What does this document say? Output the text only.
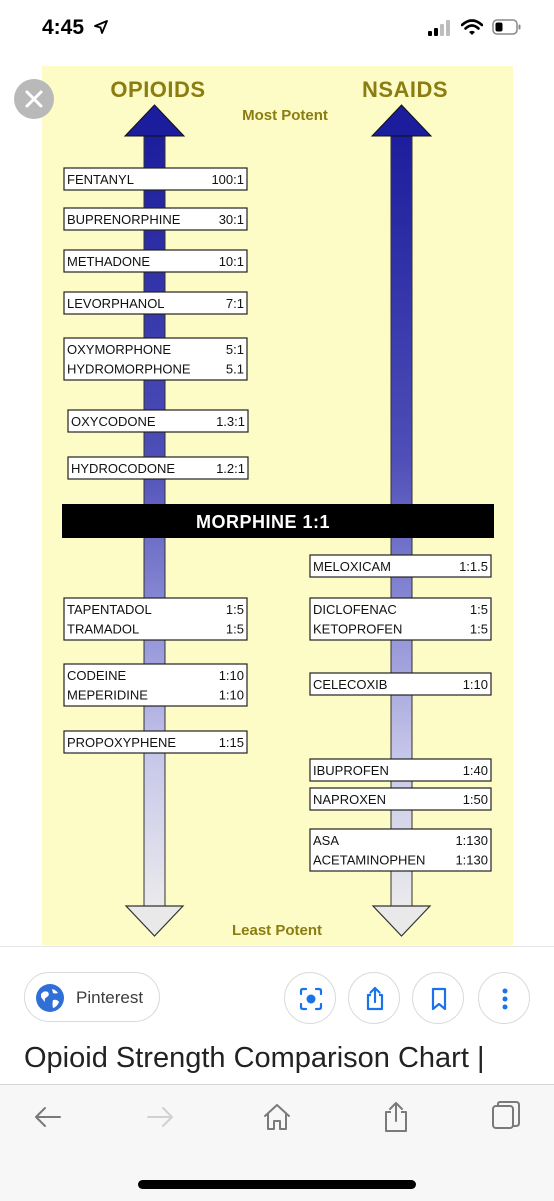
4:45
OPIOIDS	NSAIDS
Most Potent
Least Potent
MORPHINE 1:1
FENTANYL	100:1
BUPRENORPHINE	30:1
METHADONE	10:1
LEVORPHANOL	7:1
OXYMORPHONE	5:1
HYDROMORPHONE	5.1
OXYCODONE	1.3:1
HYDROCODONE	1.2:1
TAPENTADOL	1:5
TRAMADOL	1:5
CODEINE	1:10
MEPERIDINE	1:10
PROPOXYPHENE	1:15
MELOXICAM	1:1.5
DICLOFENAC	1:5
KETOPROFEN	1:5
CELECOXIB	1:10
IBUPROFEN	1:40
NAPROXEN	1:50
ASA	1:130
ACETAMINOPHEN 1:130
Pinterest
Opioid Strength Comparison Chart |
